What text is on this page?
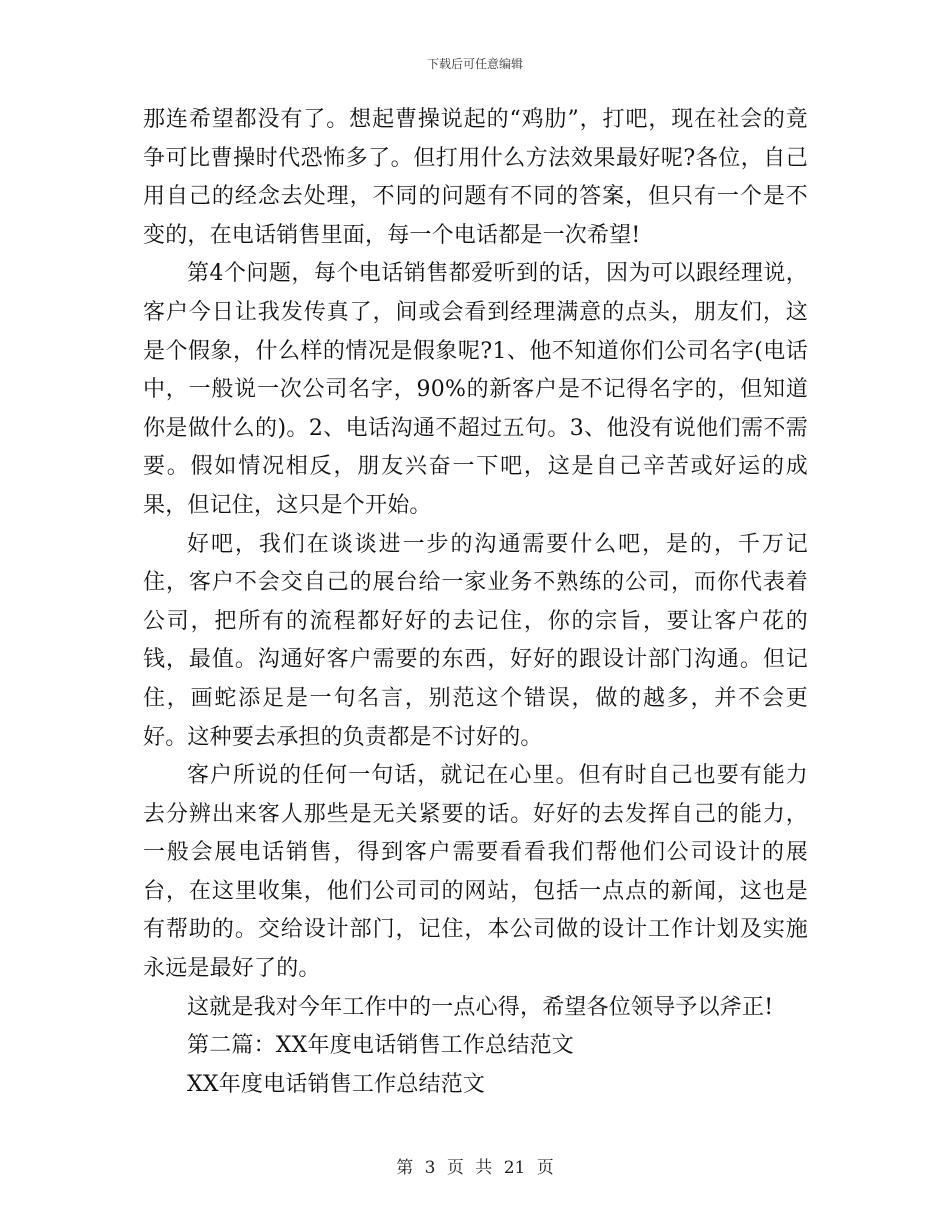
下载后可任意编辑

那连希望都没有了。想起曹操说起的“鸡肋”，打吧，现在社会的竟争可比曹操时代恐怖多了。但打用什么方法效果最好呢?各位，自己用自己的经念去处理，不同的问题有不同的答案，但只有一个是不变的，在电话销售里面，每一个电话都是一次希望!

第4个问题，每个电话销售都爱听到的话，因为可以跟经理说，客户今日让我发传真了，间或会看到经理满意的点头，朋友们，这是个假象，什么样的情况是假象呢?1、他不知道你们公司名字(电话中，一般说一次公司名字，90%的新客户是不记得名字的，但知道你是做什么的)。2、电话沟通不超过五句。3、他没有说他们需不需要。假如情况相反，朋友兴奋一下吧，这是自己辛苦或好运的成果，但记住，这只是个开始。

好吧，我们在谈谈进一步的沟通需要什么吧，是的，千万记住，客户不会交自己的展台给一家业务不熟练的公司，而你代表着公司，把所有的流程都好好的去记住，你的宗旨，要让客户花的钱，最值。沟通好客户需要的东西，好好的跟设计部门沟通。但记住，画蛇添足是一句名言，别范这个错误，做的越多，并不会更好。这种要去承担的负责都是不讨好的。

客户所说的任何一句话，就记在心里。但有时自己也要有能力去分辨出来客人那些是无关紧要的话。好好的去发挥自己的能力，一般会展电话销售，得到客户需要看看我们帮他们公司设计的展台，在这里收集，他们公司司的网站，包括一点点的新闻，这也是有帮助的。交给设计部门，记住，本公司做的设计工作计划及实施永远是最好了的。

这就是我对今年工作中的一点心得，希望各位领导予以斧正!

第二篇：XX年度电话销售工作总结范文

XX年度电话销售工作总结范文

第 3 页 共 21 页
